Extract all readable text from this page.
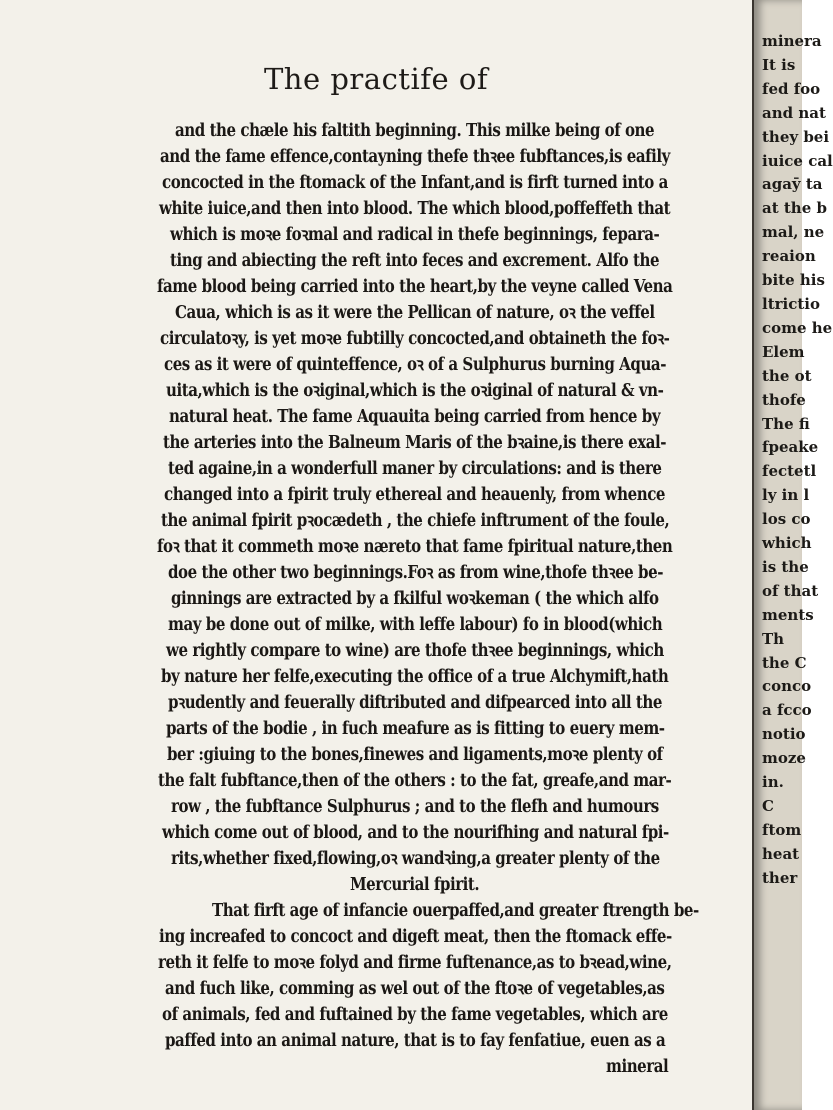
The practife of
and the chæle his faltith beginning. This milke being of one
and the fame effence,contayning thefe thꝛee fubftances,is eafily
concocted in the ftomack of the Infant,and is firft turned into a
white iuice,and then into blood. The which blood,poffeffeth that
which is moꝛe foꝛmal and radical in thefe beginnings, fepara-
ting and abiecting the reft into feces and excrement. Alfo the
fame blood being carried into the heart,by the veyne called Vena
Caua, which is as it were the Pellican of nature, oꝛ the veffel
circulatoꝛy, is yet moꝛe fubtilly concocted,and obtaineth the foꝛ-
ces as it were of quinteffence, oꝛ of a Sulphurus burning Aqua-
uita,which is the oꝛiginal,which is the oꝛiginal of natural & vn-
natural heat. The fame Aquauita being carried from hence by
the arteries into the Balneum Maris of the bꝛaine,is there exal-
ted againe,in a wonderfull maner by circulations: and is there
changed into a fpirit truly ethereal and heauenly, from whence
the animal fpirit pꝛocædeth , the chiefe inftrument of the foule,
foꝛ that it commeth moꝛe næreto that fame fpiritual nature,then
doe the other two beginnings.Foꝛ as from wine,thofe thꝛee be-
ginnings are extracted by a fkilful woꝛkeman ( the which alfo
may be done out of milke, with leffe labour) fo in blood(which
we rightly compare to wine) are thofe thꝛee beginnings, which
by nature her felfe,executing the office of a true Alchymift,hath
pꝛudently and feuerally diftributed and difpearced into all the
parts of the bodie , in fuch meafure as is fitting to euery mem-
ber :giuing to the bones,finewes and ligaments,moꝛe plenty of
the falt fubftance,then of the others : to the fat, greafe,and mar-
row , the fubftance Sulphurus ; and to the flefh and humours
which come out of blood, and to the nourifhing and natural fpi-
rits,whether fixed,flowing,oꝛ wandꝛing,a greater plenty of the
Mercurial fpirit.
That firft age of infancie ouerpaffed,and greater ftrength be-
ing increafed to concoct and digeft meat, then the ftomack effe-
reth it felfe to moꝛe folyd and firme fuftenance,as to bꝛead,wine,
and fuch like, comming as wel out of the ftoꝛe of vegetables,as
of animals, fed and fuftained by the fame vegetables, which are
paffed into an animal nature, that is to fay fenfatiue, euen as a
mineral
minera
It is
fed foo
and nat
they bei
iuice cal
agaȳ ta
at the b
mal, ne
reaion
bite his
ltrictio
come he
Elem
the ot
thofe
The fi
fpeake
fectetl
ly in l
los co
which
is the
of that
ments
Th
the C
conco
a fcco
notio
moze
in.
C
ftom
heat
ther
